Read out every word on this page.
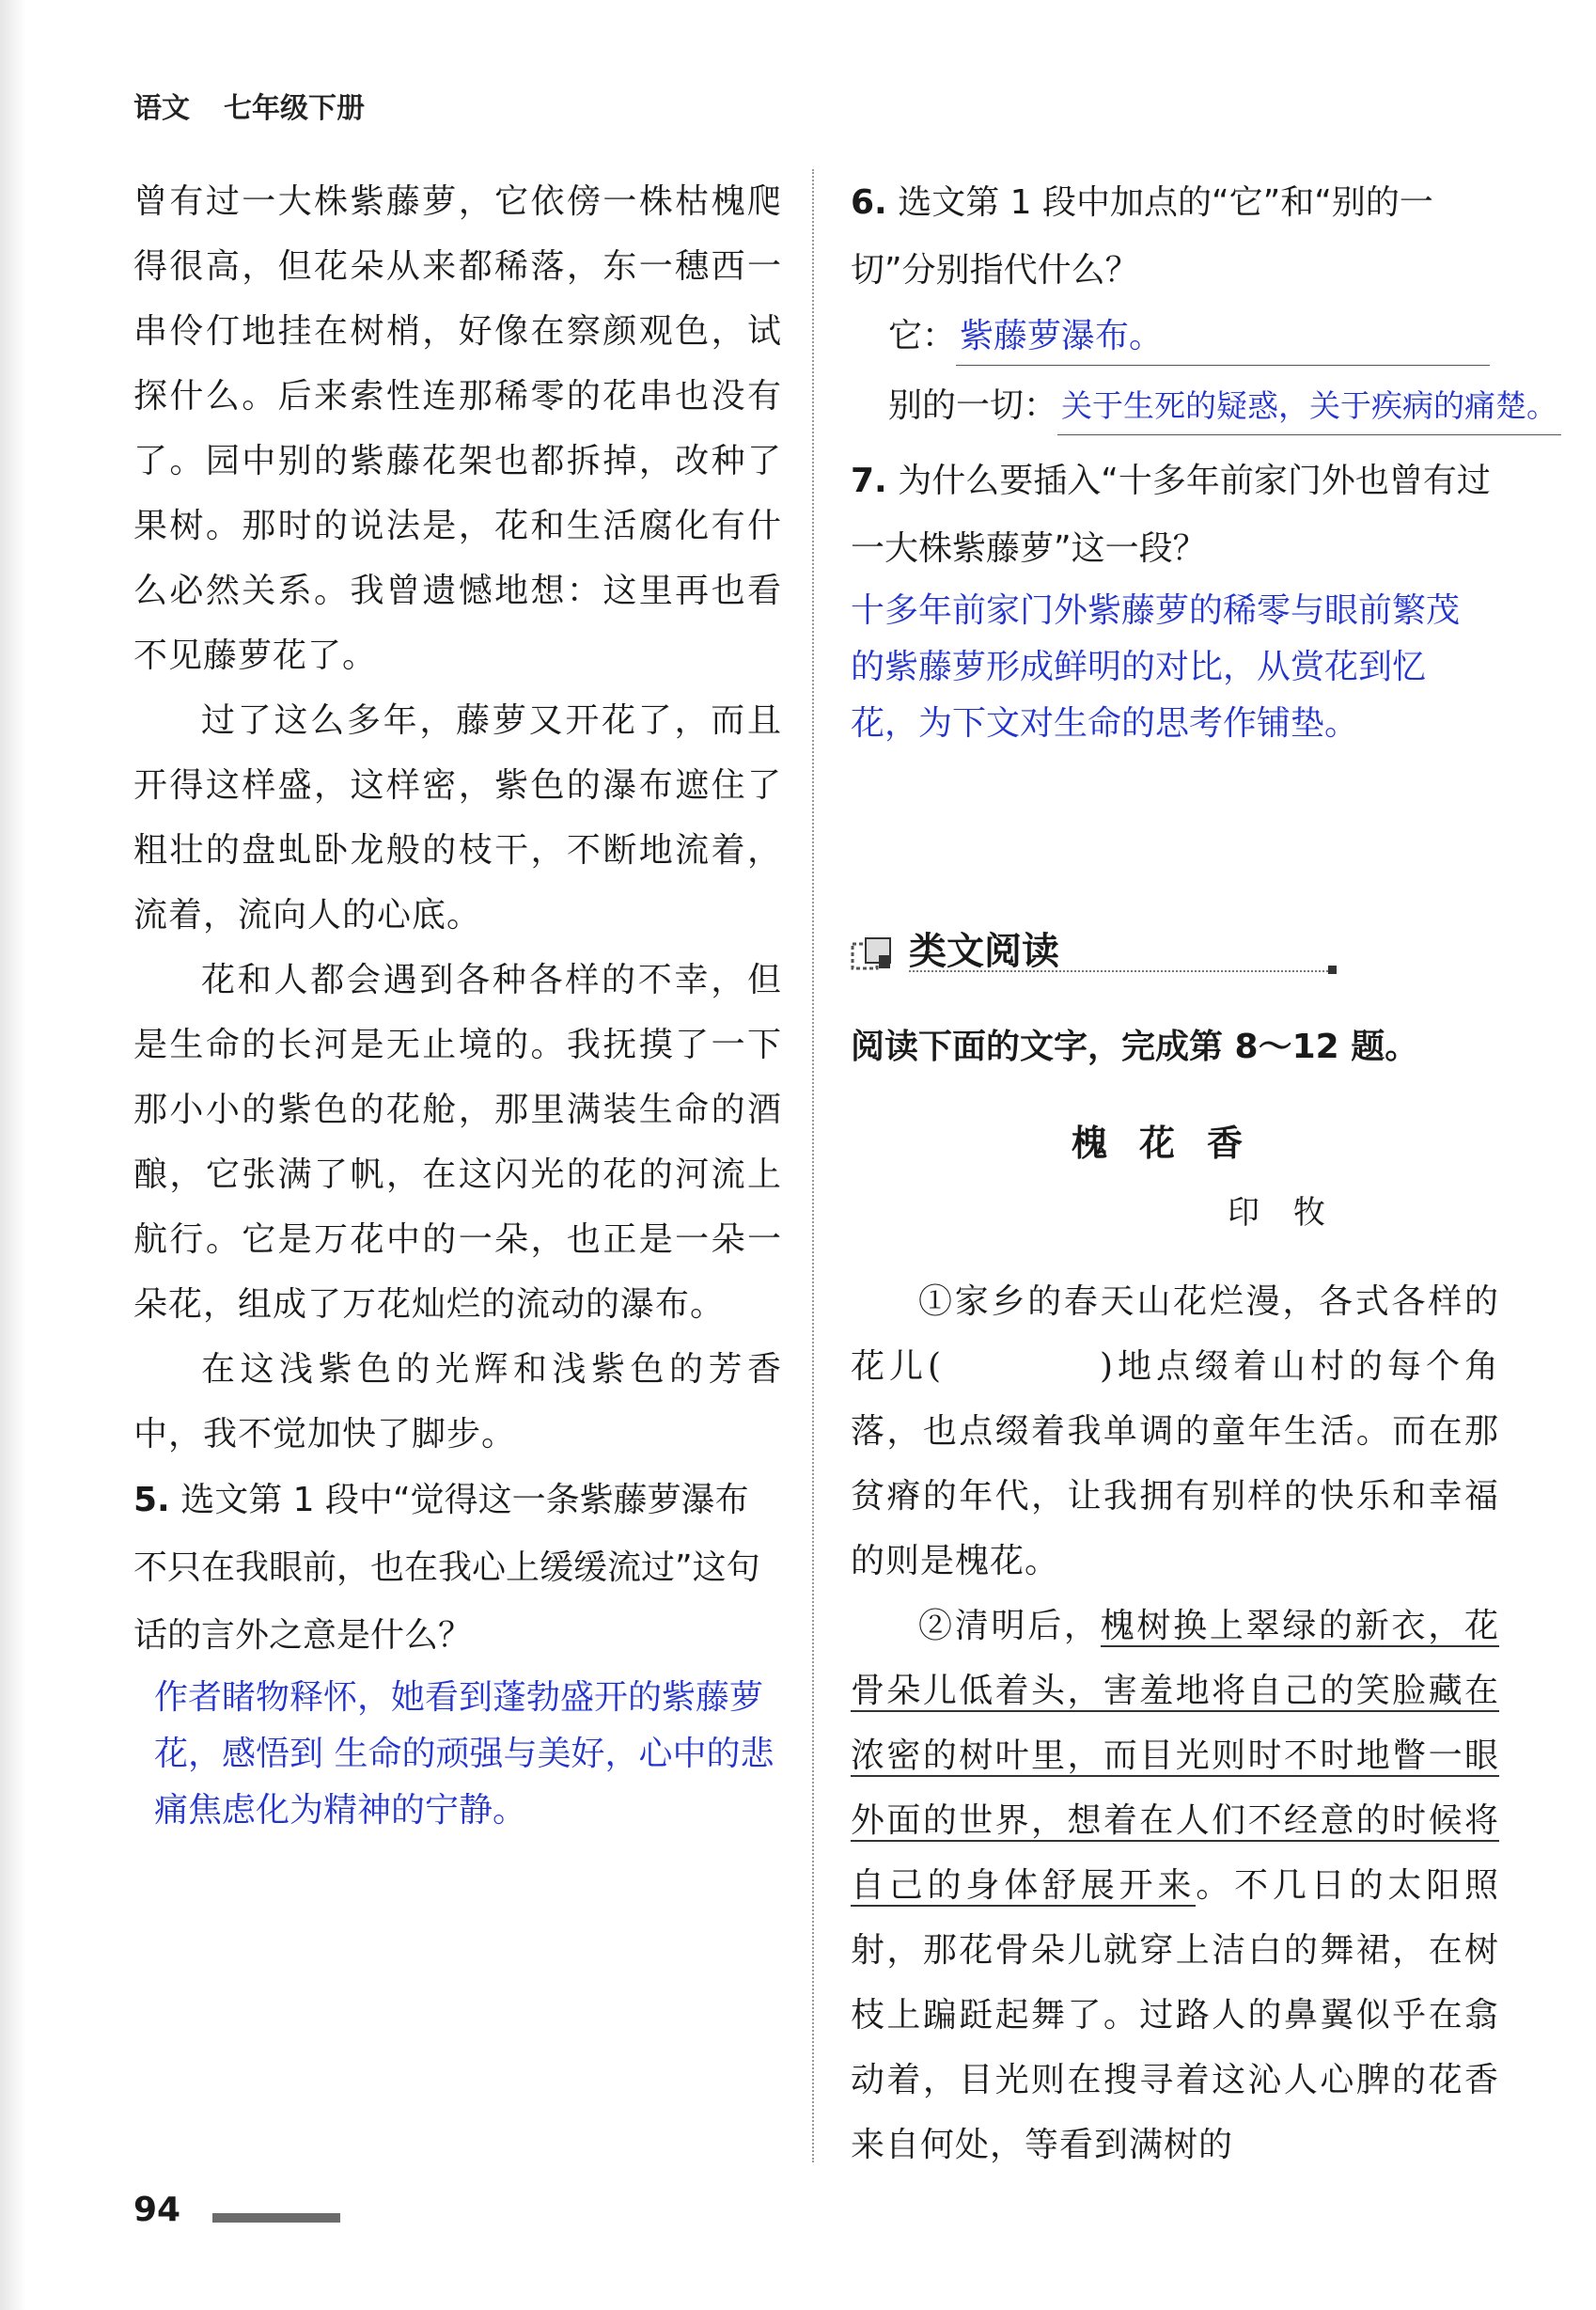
语文 七年级下册

曾有过一大株紫藤萝，它依傍一株枯槐爬得很高，但花朵从来都稀落，东一穗西一串伶仃地挂在树梢，好像在察颜观色，试探什么。后来索性连那稀零的花串也没有了。园中别的紫藤花架也都拆掉，改种了果树。那时的说法是，花和生活腐化有什么必然关系。我曾遗憾地想：这里再也看不见藤萝花了。

过了这么多年，藤萝又开花了，而且开得这样盛，这样密，紫色的瀑布遮住了粗壮的盘虬卧龙般的枝干，不断地流着，流着，流向人的心底。

花和人都会遇到各种各样的不幸，但是生命的长河是无止境的。我抚摸了一下那小小的紫色的花舱，那里满装生命的酒酿，它张满了帆，在这闪光的花的河流上航行。它是万花中的一朵，也正是一朵一朵花，组成了万花灿烂的流动的瀑布。

在这浅紫色的光辉和浅紫色的芳香中，我不觉加快了脚步。

5. 选文第 1 段中“觉得这一条紫藤萝瀑布不只在我眼前，也在我心上缓缓流过”这句话的言外之意是什么？

作者睹物释怀，她看到蓬勃盛开的紫藤萝花，感悟到 生命的顽强与美好，心中的悲痛焦虑化为精神的宁静。

6. 选文第 1 段中加点的“它”和“别的一切”分别指代什么？
它： 紫藤萝瀑布。
别的一切： 关于生死的疑惑，关于疾病的痛楚。
7. 为什么要插入“十多年前家门外也曾有过一大株紫藤萝”这一段？

十多年前家门外紫藤萝的稀零与眼前繁茂的紫藤萝形成鲜明的对比，从赏花到忆花，为下文对生命的思考作铺垫。

类文阅读
阅读下面的文字，完成第 8～12 题。
槐花香
印牧

①家乡的春天山花烂漫，各式各样的花儿(　　　　)地点缀着山村的每个角落，也点缀着我单调的童年生活。而在那贫瘠的年代，让我拥有别样的快乐和幸福的则是槐花。

②清明后，槐树换上翠绿的新衣，花骨朵儿低着头，害羞地将自己的笑脸藏在浓密的树叶里，而目光则时不时地瞥一眼外面的世界，想着在人们不经意的时候将自己的身体舒展开来。不几日的太阳照射，那花骨朵儿就穿上洁白的舞裙，在树枝上蹁跹起舞了。过路人的鼻翼似乎在翕动着，目光则在搜寻着这沁人心脾的花香来自何处，等看到满树的

94
